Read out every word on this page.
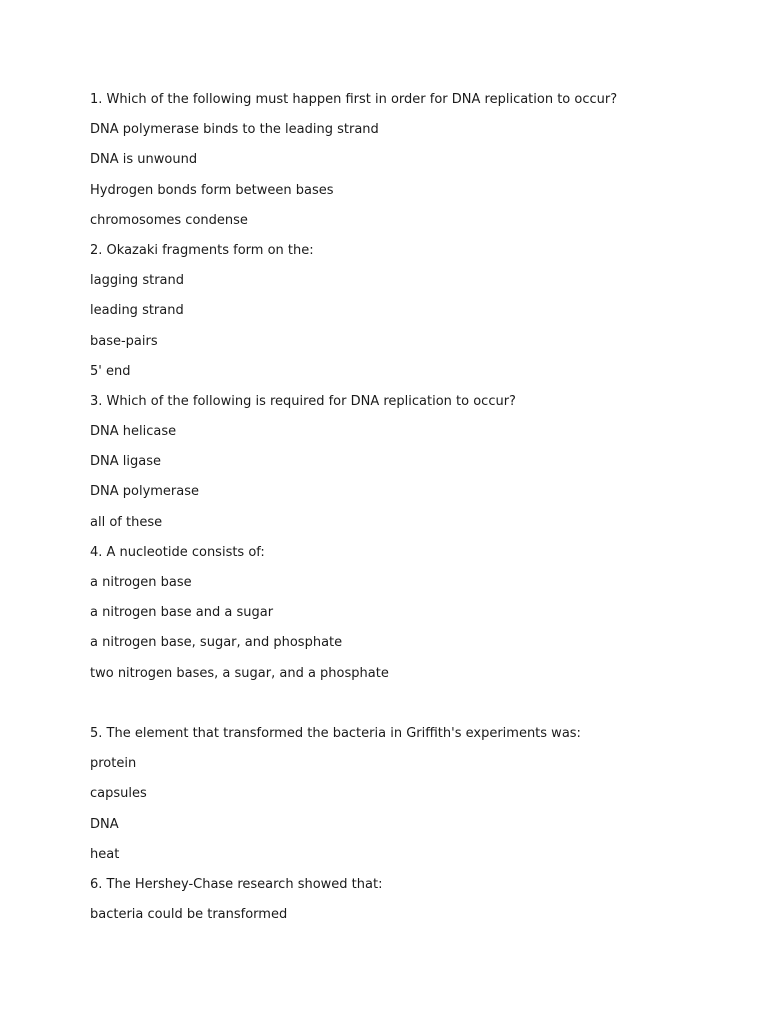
1. Which of the following must happen first in order for DNA replication to occur?
DNA polymerase binds to the leading strand
DNA is unwound
Hydrogen bonds form between bases
chromosomes condense
2. Okazaki fragments form on the:
lagging strand
leading strand
base-pairs
5' end
3. Which of the following is required for DNA replication to occur?
DNA helicase
DNA ligase
DNA polymerase
all of these
4. A nucleotide consists of:
a nitrogen base
a nitrogen base and a sugar
a nitrogen base, sugar, and phosphate
two nitrogen bases, a sugar, and a phosphate
5. The element that transformed the bacteria in Griffith's experiments was:
protein
capsules
DNA
heat
6. The Hershey-Chase research showed that:
bacteria could be transformed
